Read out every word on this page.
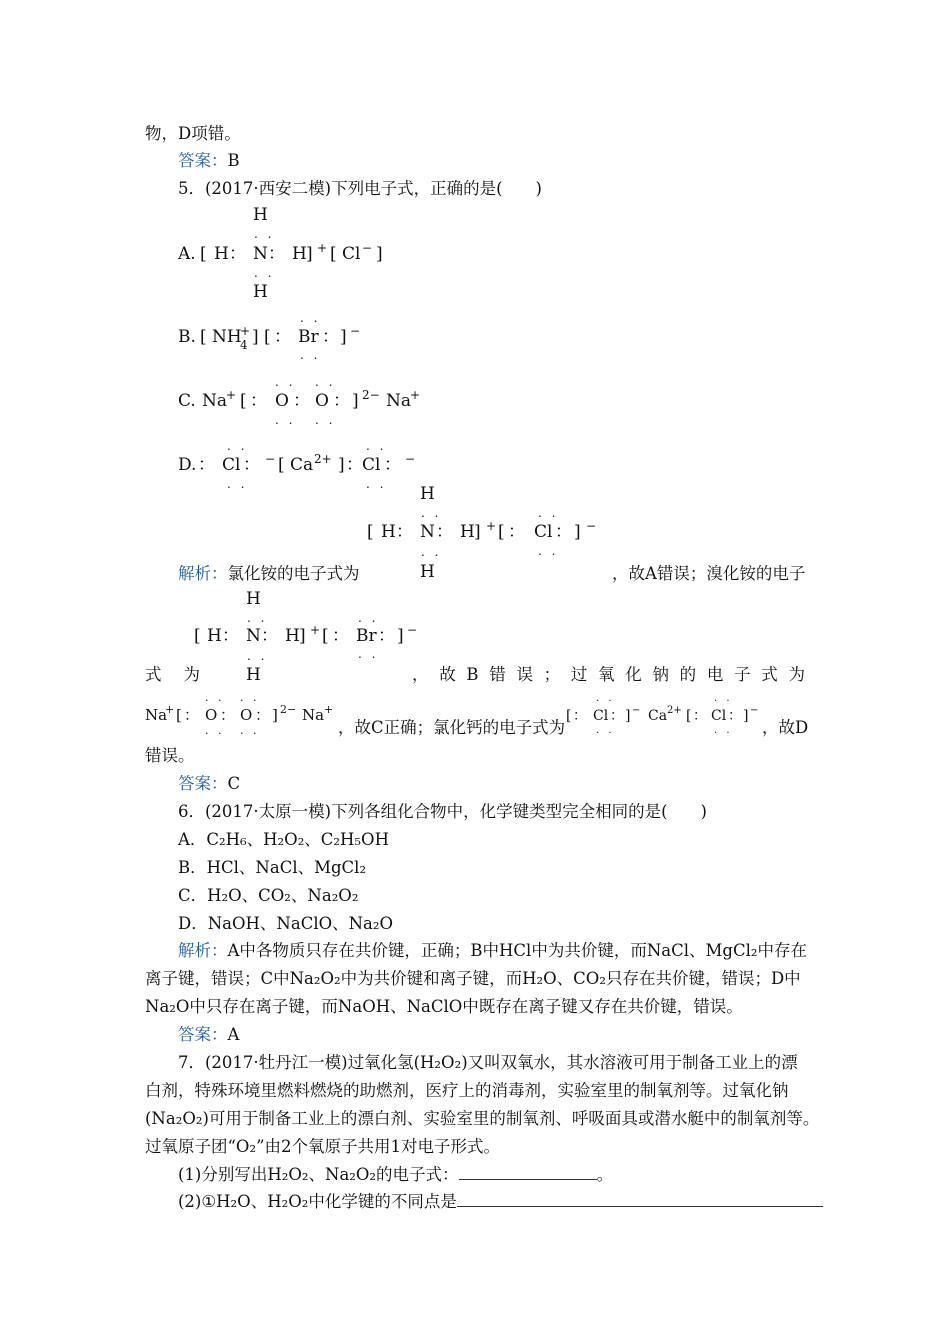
物，D项错。
答案：B
5．(2017·西安二模)下列电子式，正确的是(　　)
A.
H
. .
[ H ： N ： H ] + [ Cl − ]
. .
H
B. [ NH
+
4 ] [ ：
. .
Br
. .
： ] −
C. Na
+ [ ：
. .
O
. .
：
. .
O
. .
： ] 2− Na
+
D. ：
. .
Cl
. .
： − [ Ca 2+ ] ：
. .
Cl
. .
： −
H
. .
[ H ： N ： H ] + [ ：
. .
Cl
. .
： ] −
. .
H
解析：氯化铵的电子式为	，故A错误；溴化铵的电子
H
. .
[ H ： N ： H ] + [ ：
. .
Br
. .
： ] −
. .
H
式 为	， 故 B 错 误 ； 过 氧 化 钠 的 电 子 式 为
Na
+ [ ：
. .
O
. .
：
. .
O
. .
： ] 2− Na +
，故C正确；氯化钙的电子式为
[ ：
. .
Cl
. .
： ] − Ca 2+ [ ：
. .
Cl
. .
： ] −
，故D
错误。
答案：C
6．(2017·太原一模)下列各组化合物中，化学键类型完全相同的是(　　)
A．C₂H₆、H₂O₂、C₂H₅OH
B．HCl、NaCl、MgCl₂
C．H₂O、CO₂、Na₂O₂
D．NaOH、NaClO、Na₂O
解析：A中各物质只存在共价键，正确；B中HCl中为共价键，而NaCl、MgCl₂中存在
离子键，错误；C中Na₂O₂中为共价键和离子键，而H₂O、CO₂只存在共价键，错误；D中
Na₂O中只存在离子键，而NaOH、NaClO中既存在离子键又存在共价键，错误。
答案：A
7．(2017·牡丹江一模)过氧化氢(H₂O₂)又叫双氧水，其水溶液可用于制备工业上的漂
白剂，特殊环境里燃料燃烧的助燃剂，医疗上的消毒剂，实验室里的制氧剂等。过氧化钠
(Na₂O₂)可用于制备工业上的漂白剂、实验室里的制氧剂、呼吸面具或潜水艇中的制氧剂等。
过氧原子团“O₂”由2个氧原子共用1对电子形式。
(1)分别写出H₂O₂、Na₂O₂的电子式：	。
(2)①H₂O、H₂O₂中化学键的不同点是
